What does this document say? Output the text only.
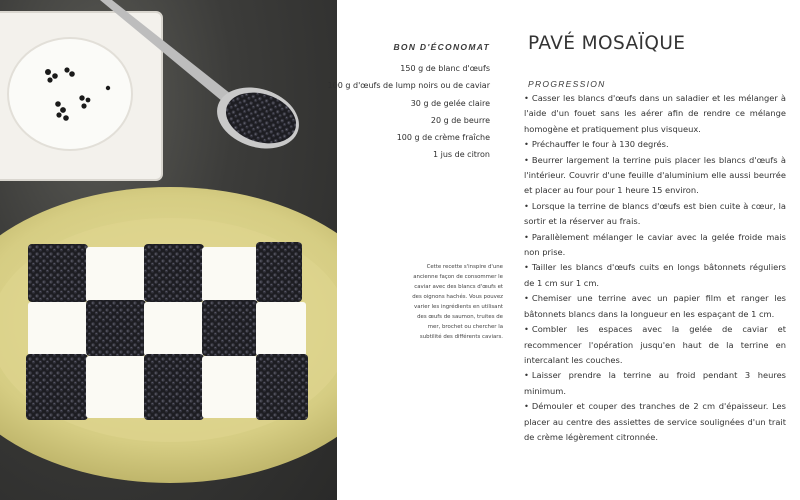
BON D'ÉCONOMAT
150 g de blanc d'œufs
100 g d'œufs de lump noirs ou de caviar
30 g de gelée claire
20 g de beurre
100 g de crème fraîche
1 jus de citron

Cette recette s'inspire d'une ancienne façon de consommer le caviar avec des blancs d'œufs et des oignons hachés. Vous pouvez varier les ingrédients en utilisant des œufs de saumon, truites de mer, brochet ou chercher la subtilité des différents caviars.

PAVÉ MOSAÏQUE
PROGRESSION
• Casser les blancs d'œufs dans un saladier et les mélanger à l'aide d'un fouet sans les aérer afin de rendre ce mélange homogène et pratiquement plus visqueux.
• Préchauffer le four à 130 degrés.
• Beurrer largement la terrine puis placer les blancs d'œufs à l'intérieur. Couvrir d'une feuille d'aluminium elle aussi beurrée et placer au four pour 1 heure 15 environ.
• Lorsque la terrine de blancs d'œufs est bien cuite à cœur, la sortir et la réserver au frais.
• Parallèlement mélanger le caviar avec la gelée froide mais non prise.
• Tailler les blancs d'œufs cuits en longs bâtonnets réguliers de 1 cm sur 1 cm.
• Chemiser une terrine avec un papier film et ranger les bâtonnets blancs dans la longueur en les espaçant de 1 cm.
• Combler les espaces avec la gelée de caviar et recommencer l'opération jusqu'en haut de la terrine en intercalant les couches.
• Laisser prendre la terrine au froid pendant 3 heures minimum.
• Démouler et couper des tranches de 2 cm d'épaisseur. Les placer au centre des assiettes de service soulignées d'un trait de crème légèrement citronnée.
